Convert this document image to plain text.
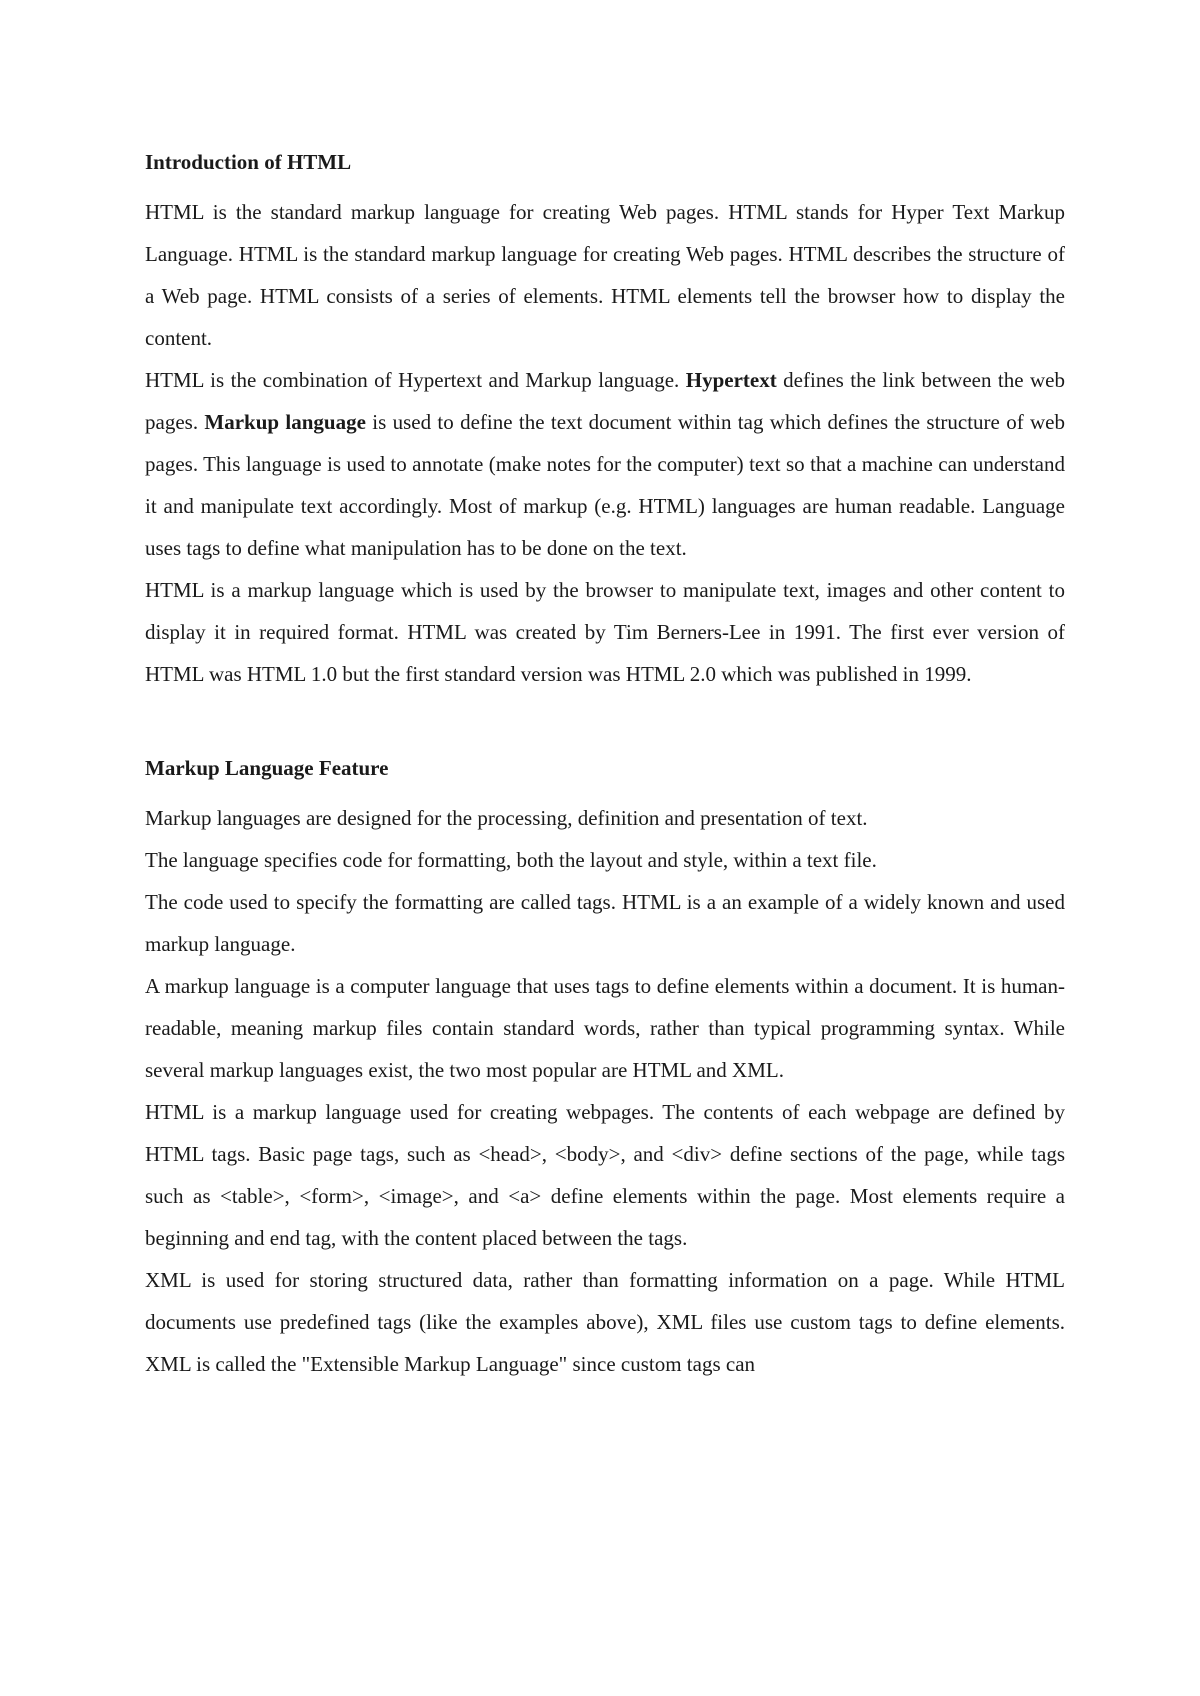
Introduction of HTML

HTML is the standard markup language for creating Web pages. HTML stands for Hyper Text Markup Language. HTML is the standard markup language for creating Web pages. HTML describes the structure of a Web page. HTML consists of a series of elements. HTML elements tell the browser how to display the content.

HTML is the combination of Hypertext and Markup language. Hypertext defines the link between the web pages. Markup language is used to define the text document within tag which defines the structure of web pages. This language is used to annotate (make notes for the computer) text so that a machine can understand it and manipulate text accordingly. Most of markup (e.g. HTML) languages are human readable. Language uses tags to define what manipulation has to be done on the text.

HTML is a markup language which is used by the browser to manipulate text, images and other content to display it in required format. HTML was created by Tim Berners-Lee in 1991. The first ever version of HTML was HTML 1.0 but the first standard version was HTML 2.0 which was published in 1999.

Markup Language Feature

Markup languages are designed for the processing, definition and presentation of text.

The language specifies code for formatting, both the layout and style, within a text file.

The code used to specify the formatting are called tags. HTML is a an example of a widely known and used markup language.

A markup language is a computer language that uses tags to define elements within a document. It is human-readable, meaning markup files contain standard words, rather than typical programming syntax. While several markup languages exist, the two most popular are HTML and XML.

HTML is a markup language used for creating webpages. The contents of each webpage are defined by HTML tags. Basic page tags, such as <head>, <body>, and <div> define sections of the page, while tags such as <table>, <form>, <image>, and <a> define elements within the page. Most elements require a beginning and end tag, with the content placed between the tags.

XML is used for storing structured data, rather than formatting information on a page. While HTML documents use predefined tags (like the examples above), XML files use custom tags to define elements. XML is called the "Extensible Markup Language" since custom tags can
